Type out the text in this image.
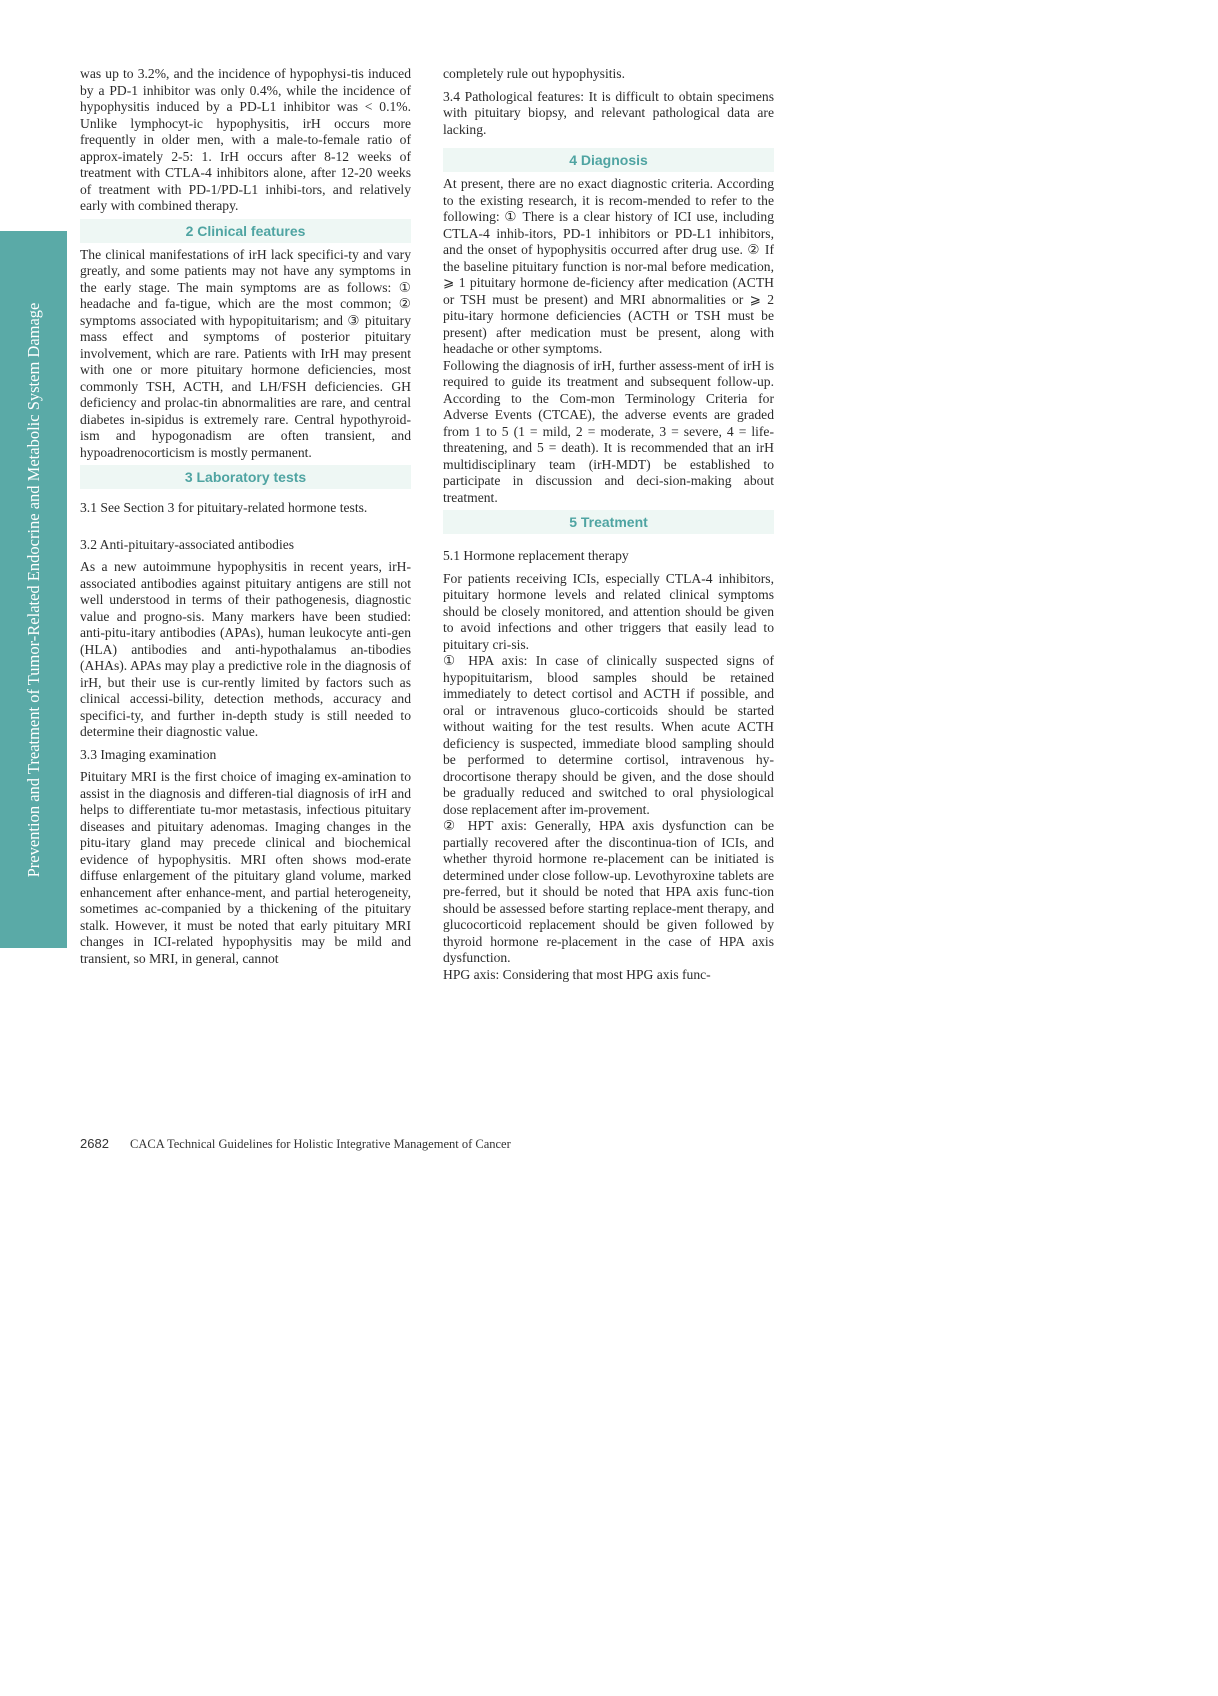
Prevention and Treatment of Tumor-Related Endocrine and Metabolic System Damage

was up to 3.2%, and the incidence of hypophysi-tis induced by a PD-1 inhibitor was only 0.4%, while the incidence of hypophysitis induced by a PD-L1 inhibitor was < 0.1%. Unlike lymphocyt-ic hypophysitis, irH occurs more frequently in older men, with a male-to-female ratio of approx-imately 2-5: 1. IrH occurs after 8-12 weeks of treatment with CTLA-4 inhibitors alone, after 12-20 weeks of treatment with PD-1/PD-L1 inhibi-tors, and relatively early with combined therapy.

2 Clinical features

The clinical manifestations of irH lack specifici-ty and vary greatly, and some patients may not have any symptoms in the early stage. The main symptoms are as follows: ① headache and fa-tigue, which are the most common; ② symptoms associated with hypopituitarism; and ③ pituitary mass effect and symptoms of posterior pituitary involvement, which are rare. Patients with IrH may present with one or more pituitary hormone deficiencies, most commonly TSH, ACTH, and LH/FSH deficiencies. GH deficiency and prolac-tin abnormalities are rare, and central diabetes in-sipidus is extremely rare. Central hypothyroid-ism and hypogonadism are often transient, and hypoadrenocorticism is mostly permanent.

3 Laboratory tests

3.1 See Section 3 for pituitary-related hormone tests.

3.2 Anti-pituitary-associated antibodies

As a new autoimmune hypophysitis in recent years, irH-associated antibodies against pituitary antigens are still not well understood in terms of their pathogenesis, diagnostic value and progno-sis. Many markers have been studied: anti-pitu-itary antibodies (APAs), human leukocyte anti-gen (HLA) antibodies and anti-hypothalamus an-tibodies (AHAs). APAs may play a predictive role in the diagnosis of irH, but their use is cur-rently limited by factors such as clinical accessi-bility, detection methods, accuracy and specifici-ty, and further in-depth study is still needed to determine their diagnostic value.

3.3 Imaging examination

Pituitary MRI is the first choice of imaging ex-amination to assist in the diagnosis and differen-tial diagnosis of irH and helps to differentiate tu-mor metastasis, infectious pituitary diseases and pituitary adenomas. Imaging changes in the pitu-itary gland may precede clinical and biochemical evidence of hypophysitis. MRI often shows mod-erate diffuse enlargement of the pituitary gland volume, marked enhancement after enhance-ment, and partial heterogeneity, sometimes ac-companied by a thickening of the pituitary stalk. However, it must be noted that early pituitary MRI changes in ICI-related hypophysitis may be mild and transient, so MRI, in general, cannot

completely rule out hypophysitis.

3.4 Pathological features: It is difficult to obtain specimens with pituitary biopsy, and relevant pathological data are lacking.

4 Diagnosis

At present, there are no exact diagnostic criteria. According to the existing research, it is recom-mended to refer to the following: ① There is a clear history of ICI use, including CTLA-4 inhib-itors, PD-1 inhibitors or PD-L1 inhibitors, and the onset of hypophysitis occurred after drug use. ② If the baseline pituitary function is nor-mal before medication, ⩾ 1 pituitary hormone de-ficiency after medication (ACTH or TSH must be present) and MRI abnormalities or ⩾ 2 pitu-itary hormone deficiencies (ACTH or TSH must be present) after medication must be present, along with headache or other symptoms.

Following the diagnosis of irH, further assess-ment of irH is required to guide its treatment and subsequent follow-up. According to the Com-mon Terminology Criteria for Adverse Events (CTCAE), the adverse events are graded from 1 to 5 (1 = mild, 2 = moderate, 3 = severe, 4 = life-threatening, and 5 = death). It is recommended that an irH multidisciplinary team (irH-MDT) be established to participate in discussion and deci-sion-making about treatment.

5 Treatment
5.1 Hormone replacement therapy

For patients receiving ICIs, especially CTLA-4 inhibitors, pituitary hormone levels and related clinical symptoms should be closely monitored, and attention should be given to avoid infections and other triggers that easily lead to pituitary cri-sis.

① HPA axis: In case of clinically suspected signs of hypopituitarism, blood samples should be retained immediately to detect cortisol and ACTH if possible, and oral or intravenous gluco-corticoids should be started without waiting for the test results. When acute ACTH deficiency is suspected, immediate blood sampling should be performed to determine cortisol, intravenous hy-drocortisone therapy should be given, and the dose should be gradually reduced and switched to oral physiological dose replacement after im-provement.

② HPT axis: Generally, HPA axis dysfunction can be partially recovered after the discontinua-tion of ICIs, and whether thyroid hormone re-placement can be initiated is determined under close follow-up. Levothyroxine tablets are pre-ferred, but it should be noted that HPA axis func-tion should be assessed before starting replace-ment therapy, and glucocorticoid replacement should be given followed by thyroid hormone re-placement in the case of HPA axis dysfunction.

HPG axis: Considering that most HPG axis func-

2682 CACA Technical Guidelines for Holistic Integrative Management of Cancer
